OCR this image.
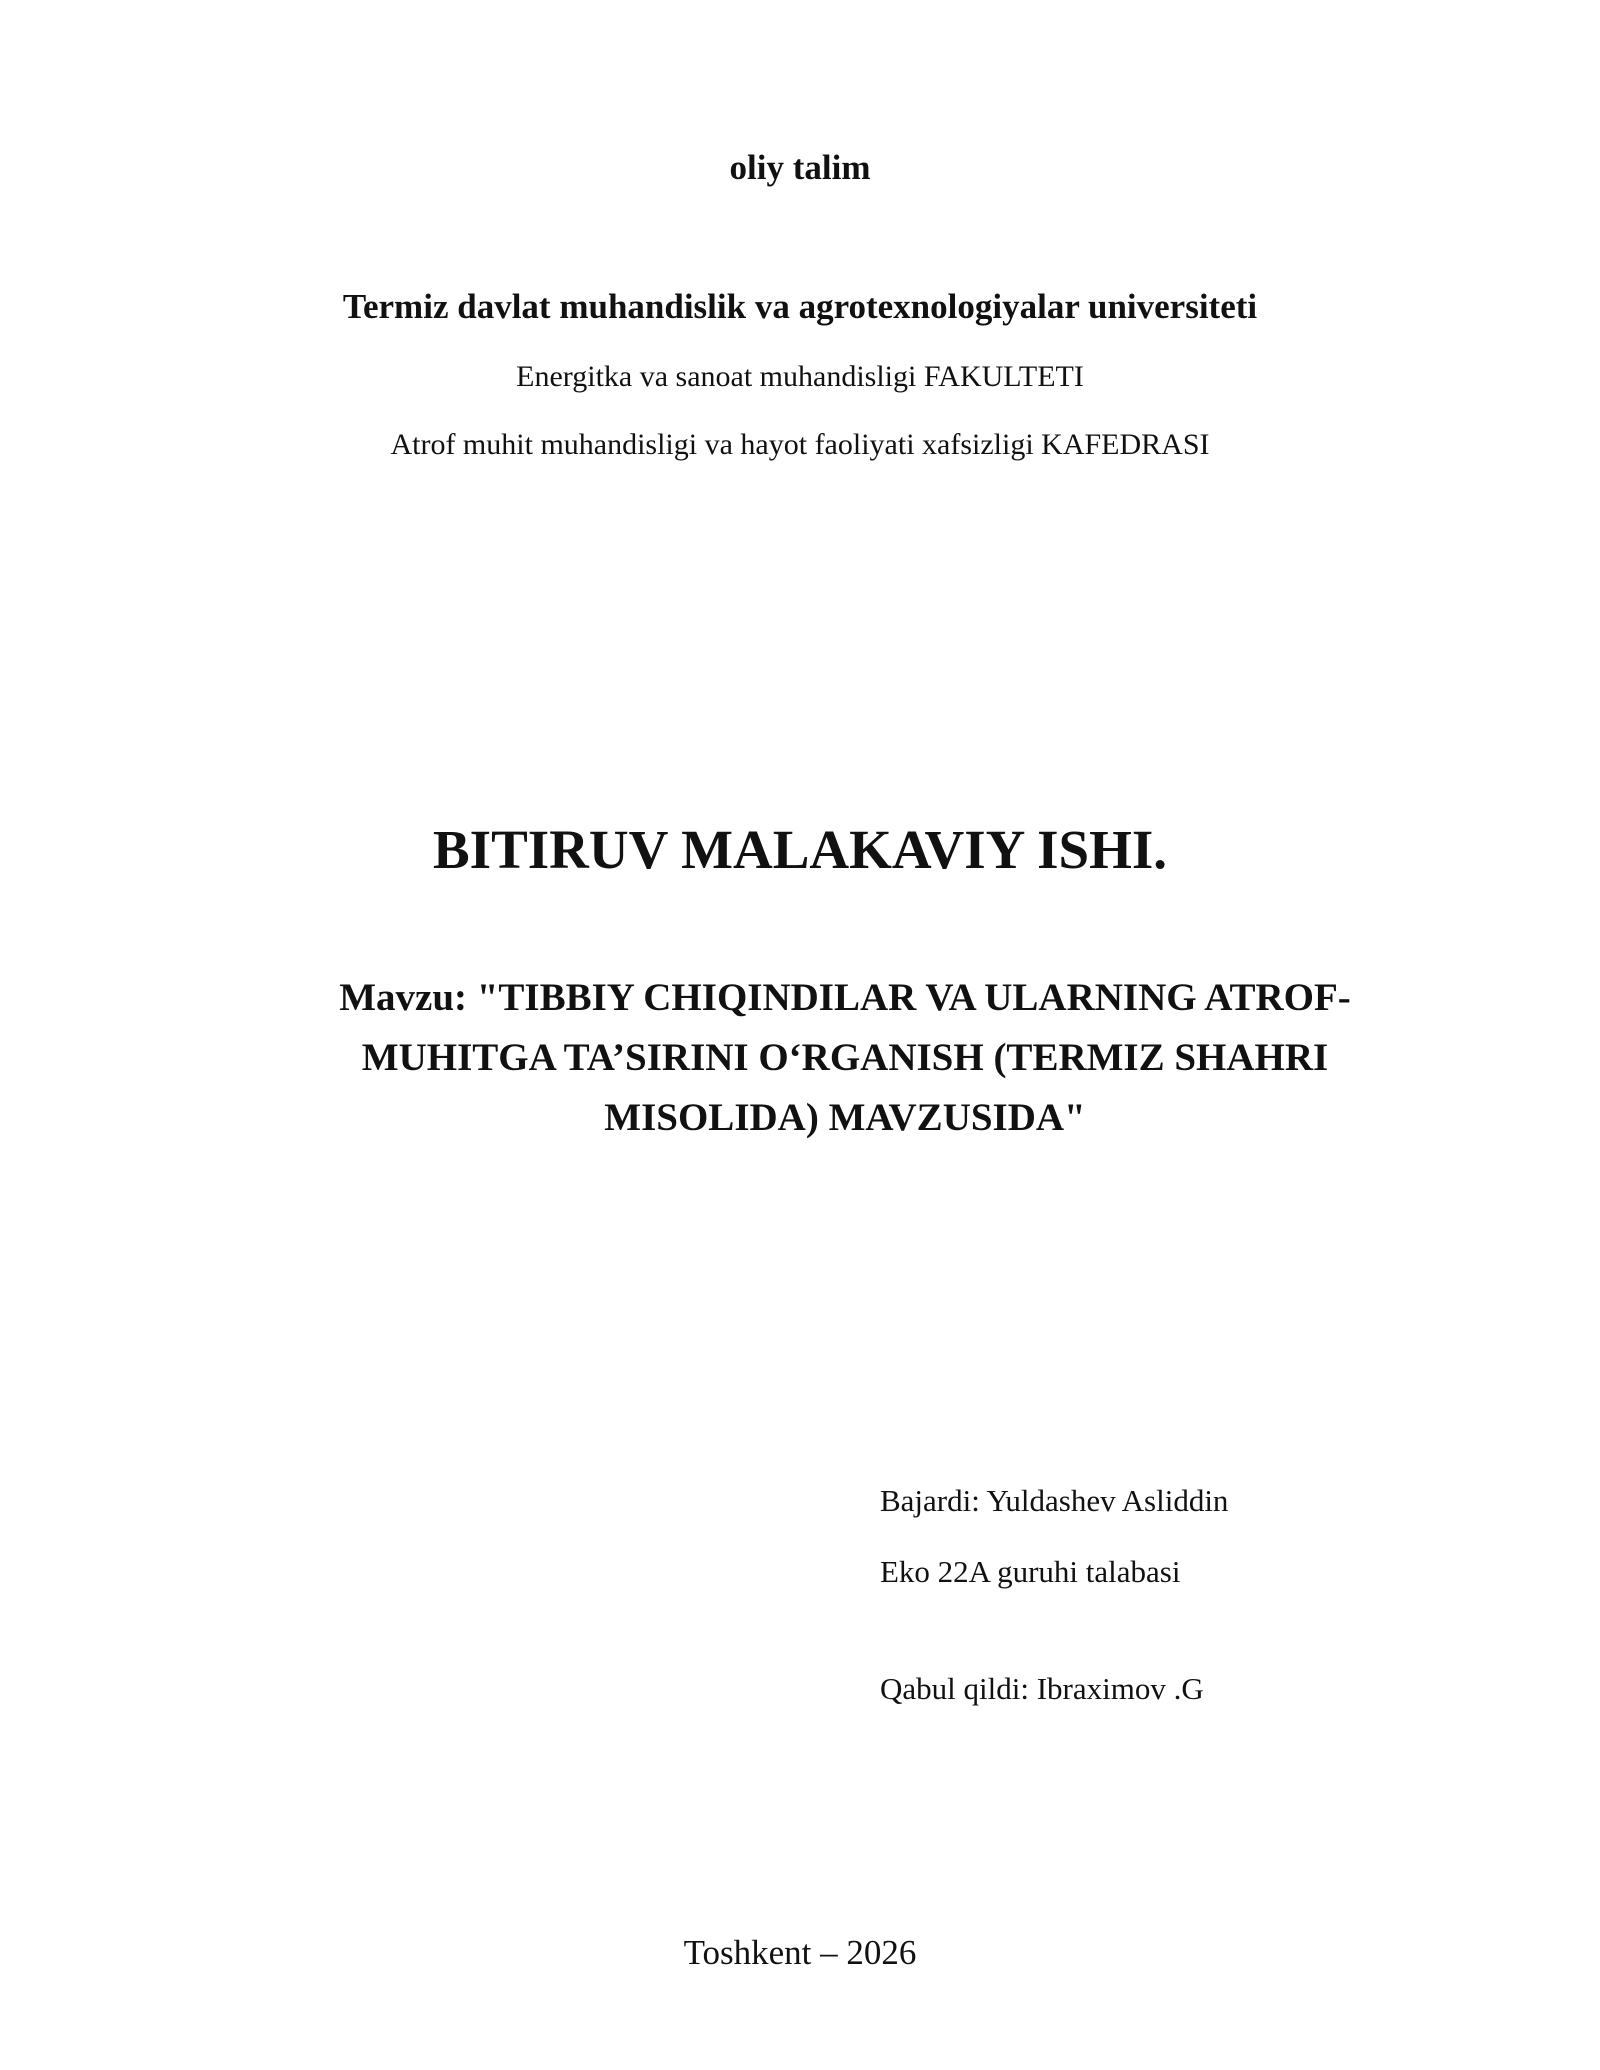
oliy talim
Termiz davlat muhandislik va agrotexnologiyalar universiteti
Energitka va sanoat muhandisligi FAKULTETI
Atrof muhit muhandisligi va hayot faoliyati xafsizligi KAFEDRASI
BITIRUV MALAKAVIY ISHI.
Mavzu: "TIBBIY CHIQINDILAR VA ULARNING ATROF-
MUHITGA TA’SIRINI O‘RGANISH (TERMIZ SHAHRI
MISOLIDA) MAVZUSIDA"
Bajardi: Yuldashev Asliddin
Eko 22A guruhi talabasi
Qabul qildi: Ibraximov .G
Toshkent – 2026
